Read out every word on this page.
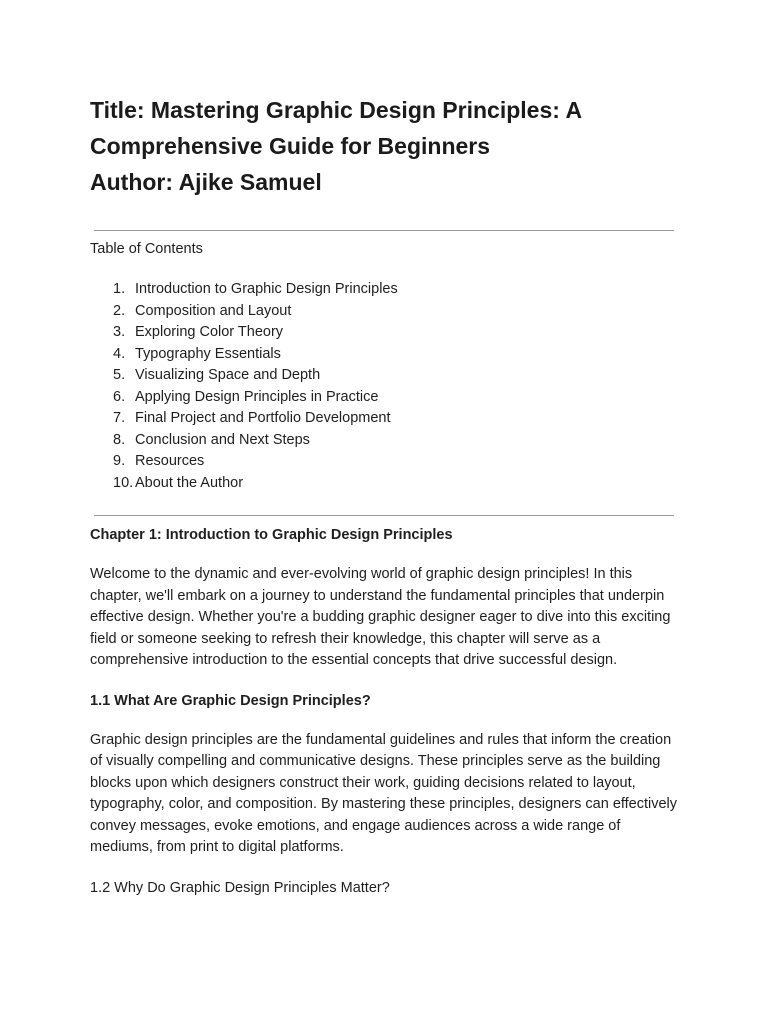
Title: Mastering Graphic Design Principles: A
Comprehensive Guide for Beginners
Author: Ajike Samuel

Table of Contents

1. Introduction to Graphic Design Principles
2. Composition and Layout
3. Exploring Color Theory
4. Typography Essentials
5. Visualizing Space and Depth
6. Applying Design Principles in Practice
7. Final Project and Portfolio Development
8. Conclusion and Next Steps
9. Resources
10. About the Author

Chapter 1: Introduction to Graphic Design Principles

Welcome to the dynamic and ever-evolving world of graphic design principles! In this chapter, we'll embark on a journey to understand the fundamental principles that underpin effective design. Whether you're a budding graphic designer eager to dive into this exciting field or someone seeking to refresh their knowledge, this chapter will serve as a comprehensive introduction to the essential concepts that drive successful design.

1.1 What Are Graphic Design Principles?

Graphic design principles are the fundamental guidelines and rules that inform the creation of visually compelling and communicative designs. These principles serve as the building blocks upon which designers construct their work, guiding decisions related to layout, typography, color, and composition. By mastering these principles, designers can effectively convey messages, evoke emotions, and engage audiences across a wide range of mediums, from print to digital platforms.

1.2 Why Do Graphic Design Principles Matter?
